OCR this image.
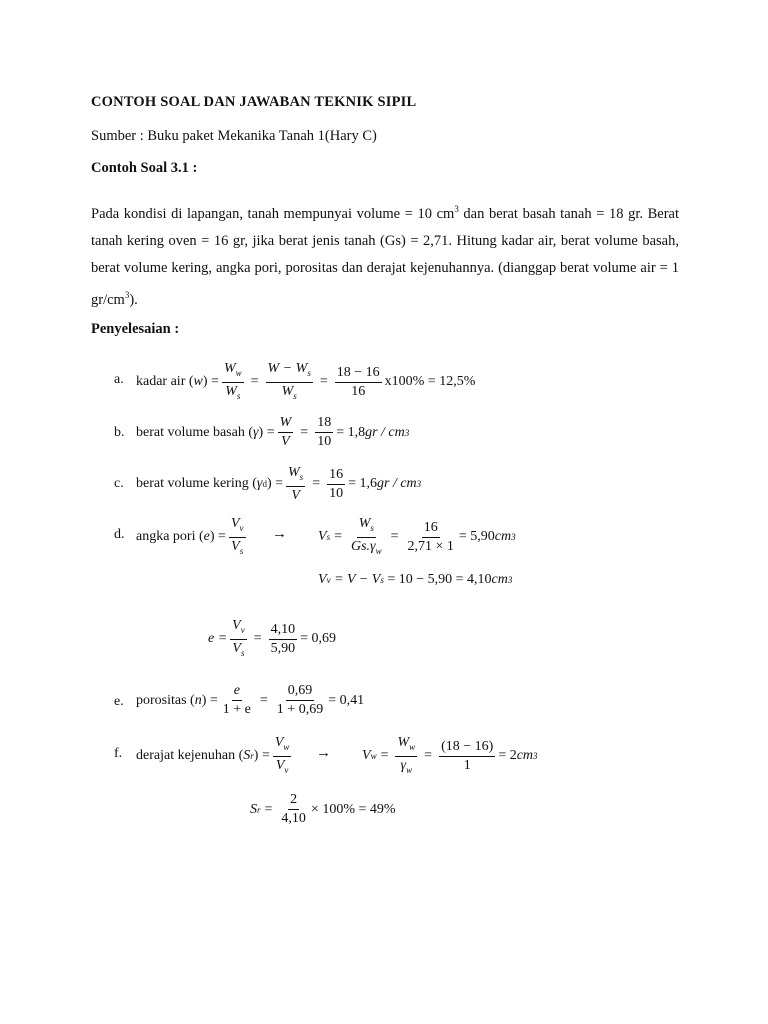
CONTOH SOAL DAN JAWABAN TEKNIK SIPIL
Sumber : Buku paket Mekanika Tanah 1(Hary C)
Contoh Soal 3.1 :
Pada kondisi di lapangan, tanah mempunyai volume = 10 $cm^3$ dan berat basah tanah = 18 gr. Berat tanah kering oven = 16 gr, jika berat jenis tanah (Gs) = 2,71. Hitung kadar air, berat volume basah, berat volume kering, angka pori, porositas dan derajat kejenuhannya. (dianggap berat volume air = 1 $gr/cm^3$).
Penyelesaian :
a. kadar air ( w ) = $\frac{W_w}{W_s} = \frac{W - W_s}{W_s} = \frac{18 - 16}{16} x100\% = 12,5\%$
b. berat volume basah ( γ ) = $\frac{W}{V} = \frac{18}{10} = 1,8$ gr / cm 3
c. berat volume kering ( γ d ) = $\frac{W_s}{V} = \frac{16}{10} = 1,6$ gr / cm 3
d. angka pori ( e ) = $\frac{V_v}{V_s} \to V$ $s = \frac{W_s}{Gs.\gamma_w} = \frac{16}{2,71 \times 1} = 5,90$ cm 3
V v
= V − V s
= 10 − 5,90 = 4,10 cm 3
$e = \frac{V_v}{V_s} = \frac{4,10}{5,90} = 0,69$
e. porositas ( n ) = $\frac{e}{1 + e} = \frac{0,69}{1 + 0,69} = 0,41$
f. derajat kejenuhan ( S r ) = $\frac{V_w}{V_v} \to V$ $w = \frac{W_w}{\gamma_w} = \frac{(18 - 16)}{1} = 2$ cm 3
S $r = \frac{2}{4,10} \times 100\% = 49\%$
